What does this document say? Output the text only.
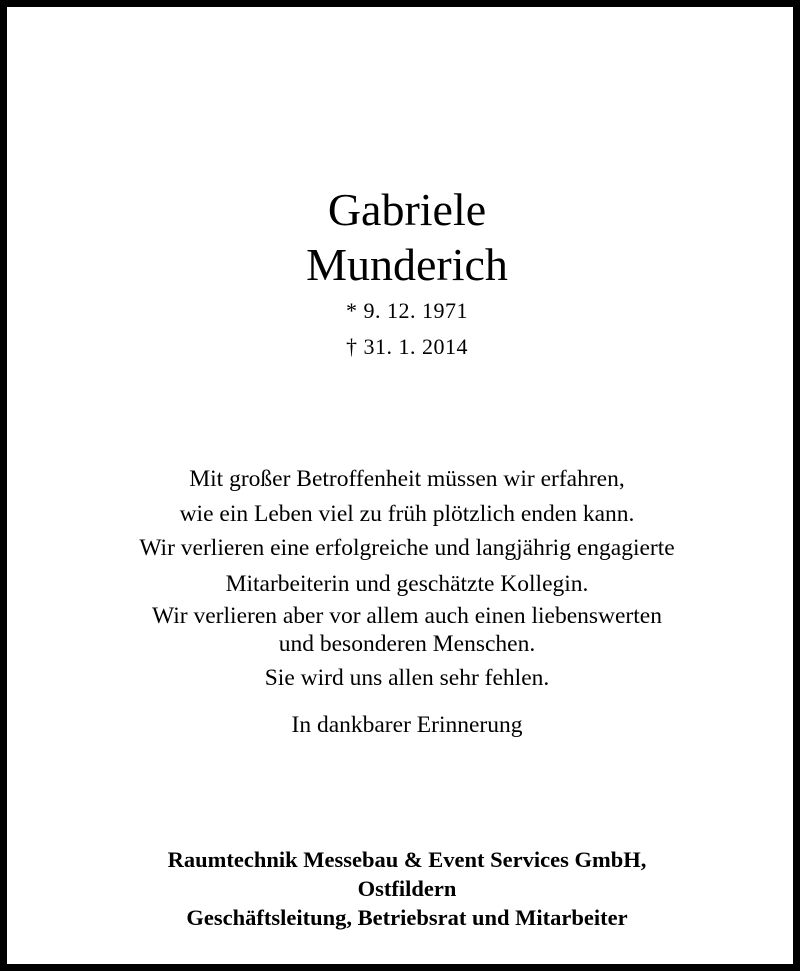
Gabriele
Munderich
* 9. 12. 1971
† 31. 1. 2014
Mit großer Betroffenheit müssen wir erfahren,
wie ein Leben viel zu früh plötzlich enden kann.
Wir verlieren eine erfolgreiche und langjährig engagierte
Mitarbeiterin und geschätzte Kollegin.
Wir verlieren aber vor allem auch einen liebenswerten
und besonderen Menschen.
Sie wird uns allen sehr fehlen.
In dankbarer Erinnerung
Raumtechnik Messebau & Event Services GmbH,
Ostfildern
Geschäftsleitung, Betriebsrat und Mitarbeiter
